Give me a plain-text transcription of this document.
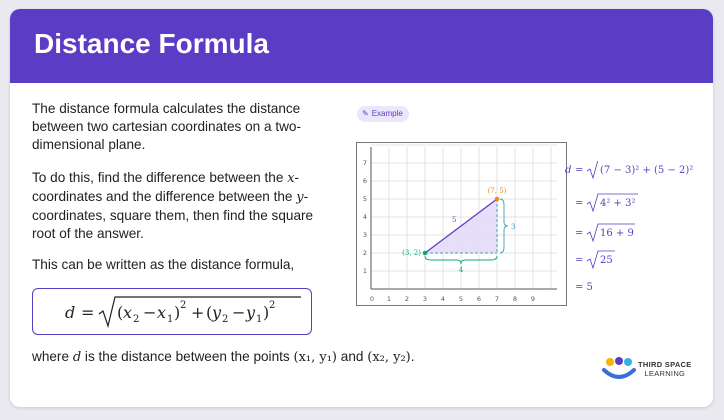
Distance Formula
The distance formula calculates the distance between two cartesian coordinates on a two-dimensional plane.
To do this, find the difference between the x-coordinates and the difference between the y-coordinates, square them, then find the square root of the answer.
This can be written as the distance formula,
d = ( x 2 − x 1 ) 2 + ( y 2 − y 1 ) 2
where d is the distance between the points (x₁, y₁) and (x₂, y₂).
✎ Example
0 1 2 3 4 5 6 7 8 9
1
2
3
4
5
6
7
4
3
5
(3, 2)
(7, 5)
d = (7 − 3)² + (5 − 2)²
= 4² + 3²
= 16 + 9
= 25
= 5
THIRD SPACE
LEARNING
